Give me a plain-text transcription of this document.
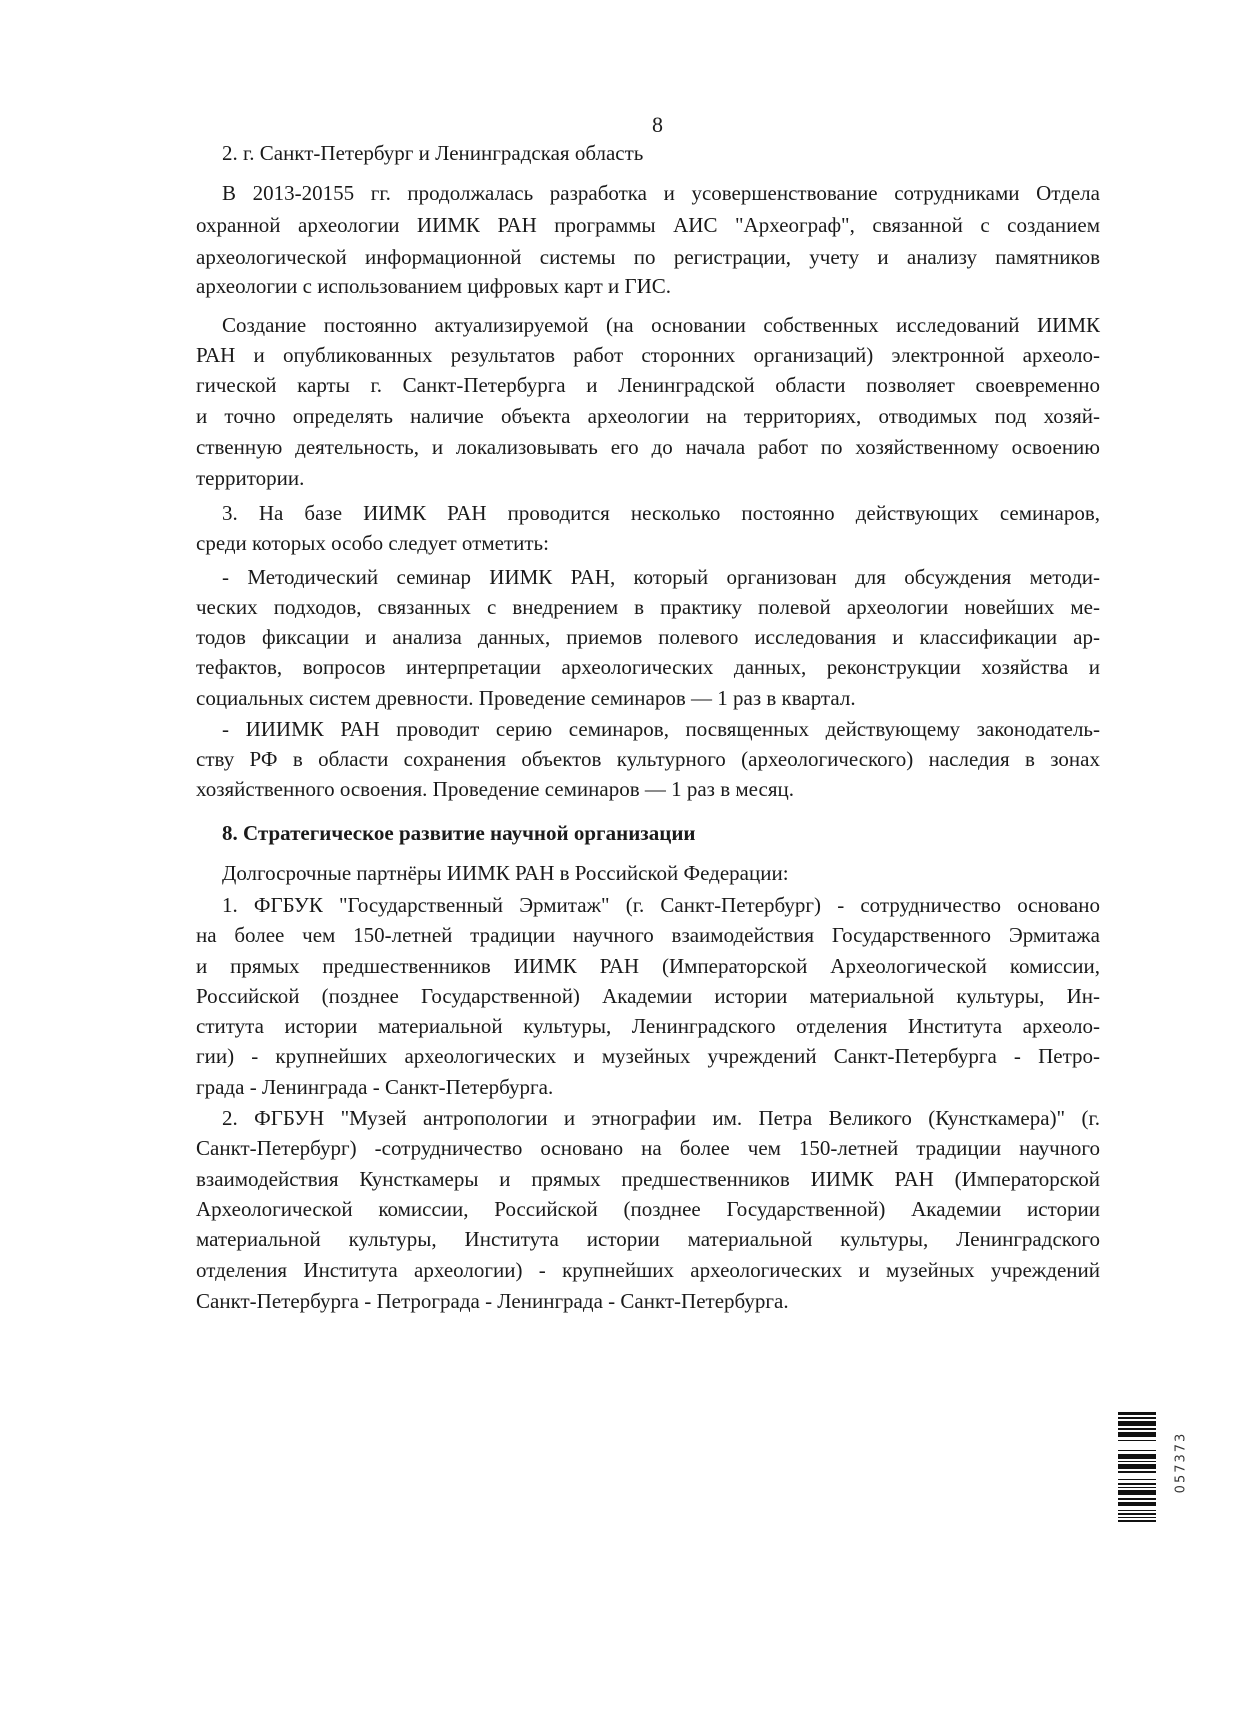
8
2. г. Санкт-Петербург и Ленинградская область
В 2013-20155 гг. продолжалась разработка и усовершенствование сотрудниками Отдела
охранной археологии ИИМК РАН программы АИС "Археограф", связанной с созданием
археологической информационной системы по регистрации, учету и анализу памятников
археологии с использованием цифровых карт и ГИС.
Создание постоянно актуализируемой (на основании собственных исследований ИИМК
РАН и опубликованных результатов работ сторонних организаций) электронной археоло-
гической карты г. Санкт-Петербурга и Ленинградской области позволяет своевременно
и точно определять наличие объекта археологии на территориях, отводимых под хозяй-
ственную деятельность, и локализовывать его до начала работ по хозяйственному освоению
территории.
3. На базе ИИМК РАН проводится несколько постоянно действующих семинаров,
среди которых особо следует отметить:
- Методический семинар ИИМК РАН, который организован для обсуждения методи-
ческих подходов, связанных с внедрением в практику полевой археологии новейших ме-
тодов фиксации и анализа данных, приемов полевого исследования и классификации ар-
тефактов, вопросов интерпретации археологических данных, реконструкции хозяйства и
социальных систем древности. Проведение семинаров — 1 раз в квартал.
- ИИИМК РАН проводит серию семинаров, посвященных действующему законодатель-
ству РФ в области сохранения объектов культурного (археологического) наследия в зонах
хозяйственного освоения. Проведение семинаров — 1 раз в месяц.
8. Стратегическое развитие научной организации
Долгосрочные партнёры ИИМК РАН в Российской Федерации:
1. ФГБУК "Государственный Эрмитаж" (г. Санкт-Петербург) - сотрудничество основано
на более чем 150-летней традиции научного взаимодействия Государственного Эрмитажа
и прямых предшественников ИИМК РАН (Императорской Археологической комиссии,
Российской (позднее Государственной) Академии истории материальной культуры, Ин-
ститута истории материальной культуры, Ленинградского отделения Института археоло-
гии) - крупнейших археологических и музейных учреждений Санкт-Петербурга - Петро-
града - Ленинграда - Санкт-Петербурга.
2. ФГБУН "Музей антропологии и этнографии им. Петра Великого (Кунсткамера)" (г.
Санкт-Петербург) -сотрудничество основано на более чем 150-летней традиции научного
взаимодействия Кунсткамеры и прямых предшественников ИИМК РАН (Императорской
Археологической комиссии, Российской (позднее Государственной) Академии истории
материальной культуры, Института истории материальной культуры, Ленинградского
отделения Института археологии) - крупнейших археологических и музейных учреждений
Санкт-Петербурга - Петрограда - Ленинграда - Санкт-Петербурга.
057373
